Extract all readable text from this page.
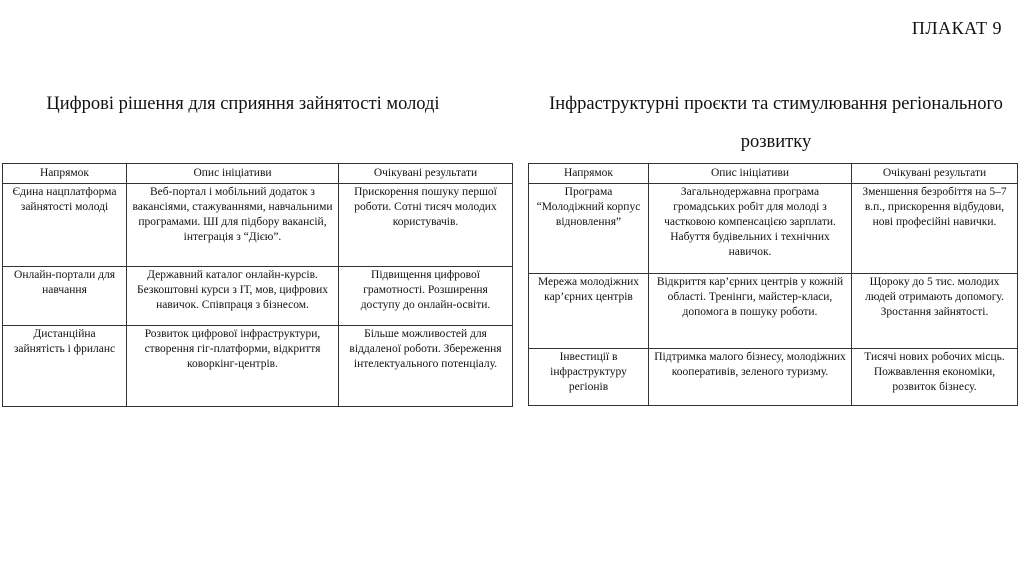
ПЛАКАТ 9
Цифрові рішення для сприяння зайнятості молоді	Інфраструктурні проєкти та стимулювання регіонального розвитку
Напрямок	Опис ініціативи	Очікувані результати
Єдина нацплатформа зайнятості молоді	Веб-портал і мобільний додаток з вакансіями, стажуваннями, навчальними програмами. ШІ для підбору вакансій, інтеграція з “Дією”.	Прискорення пошуку першої роботи. Сотні тисяч молодих користувачів.
Онлайн-портали для навчання	Державний каталог онлайн-курсів. Безкоштовні курси з ІТ, мов, цифрових навичок. Співпраця з бізнесом.	Підвищення цифрової грамотності. Розширення доступу до онлайн-освіти.
Дистанційна зайнятість і фриланс	Розвиток цифрової інфраструктури, створення гіг-платформи, відкриття коворкінг-центрів.	Більше можливостей для віддаленої роботи. Збереження інтелектуального потенціалу.
Напрямок	Опис ініціативи	Очікувані результати
Програма “Молодіжний корпус відновлення”	Загальнодержавна програма громадських робіт для молоді з частковою компенсацією зарплати. Набуття будівельних і технічних навичок.	Зменшення безробіття на 5–7 в.п., прискорення відбудови, нові професійні навички.
Мережа молодіжних кар’єрних центрів	Відкриття кар’єрних центрів у кожній області. Тренінги, майстер-класи, допомога в пошуку роботи.	Щороку до 5 тис. молодих людей отримають допомогу. Зростання зайнятості.
Інвестиції в інфраструктуру регіонів	Підтримка малого бізнесу, молодіжних кооперативів, зеленого туризму.	Тисячі нових робочих місць. Пожвавлення економіки, розвиток бізнесу.
